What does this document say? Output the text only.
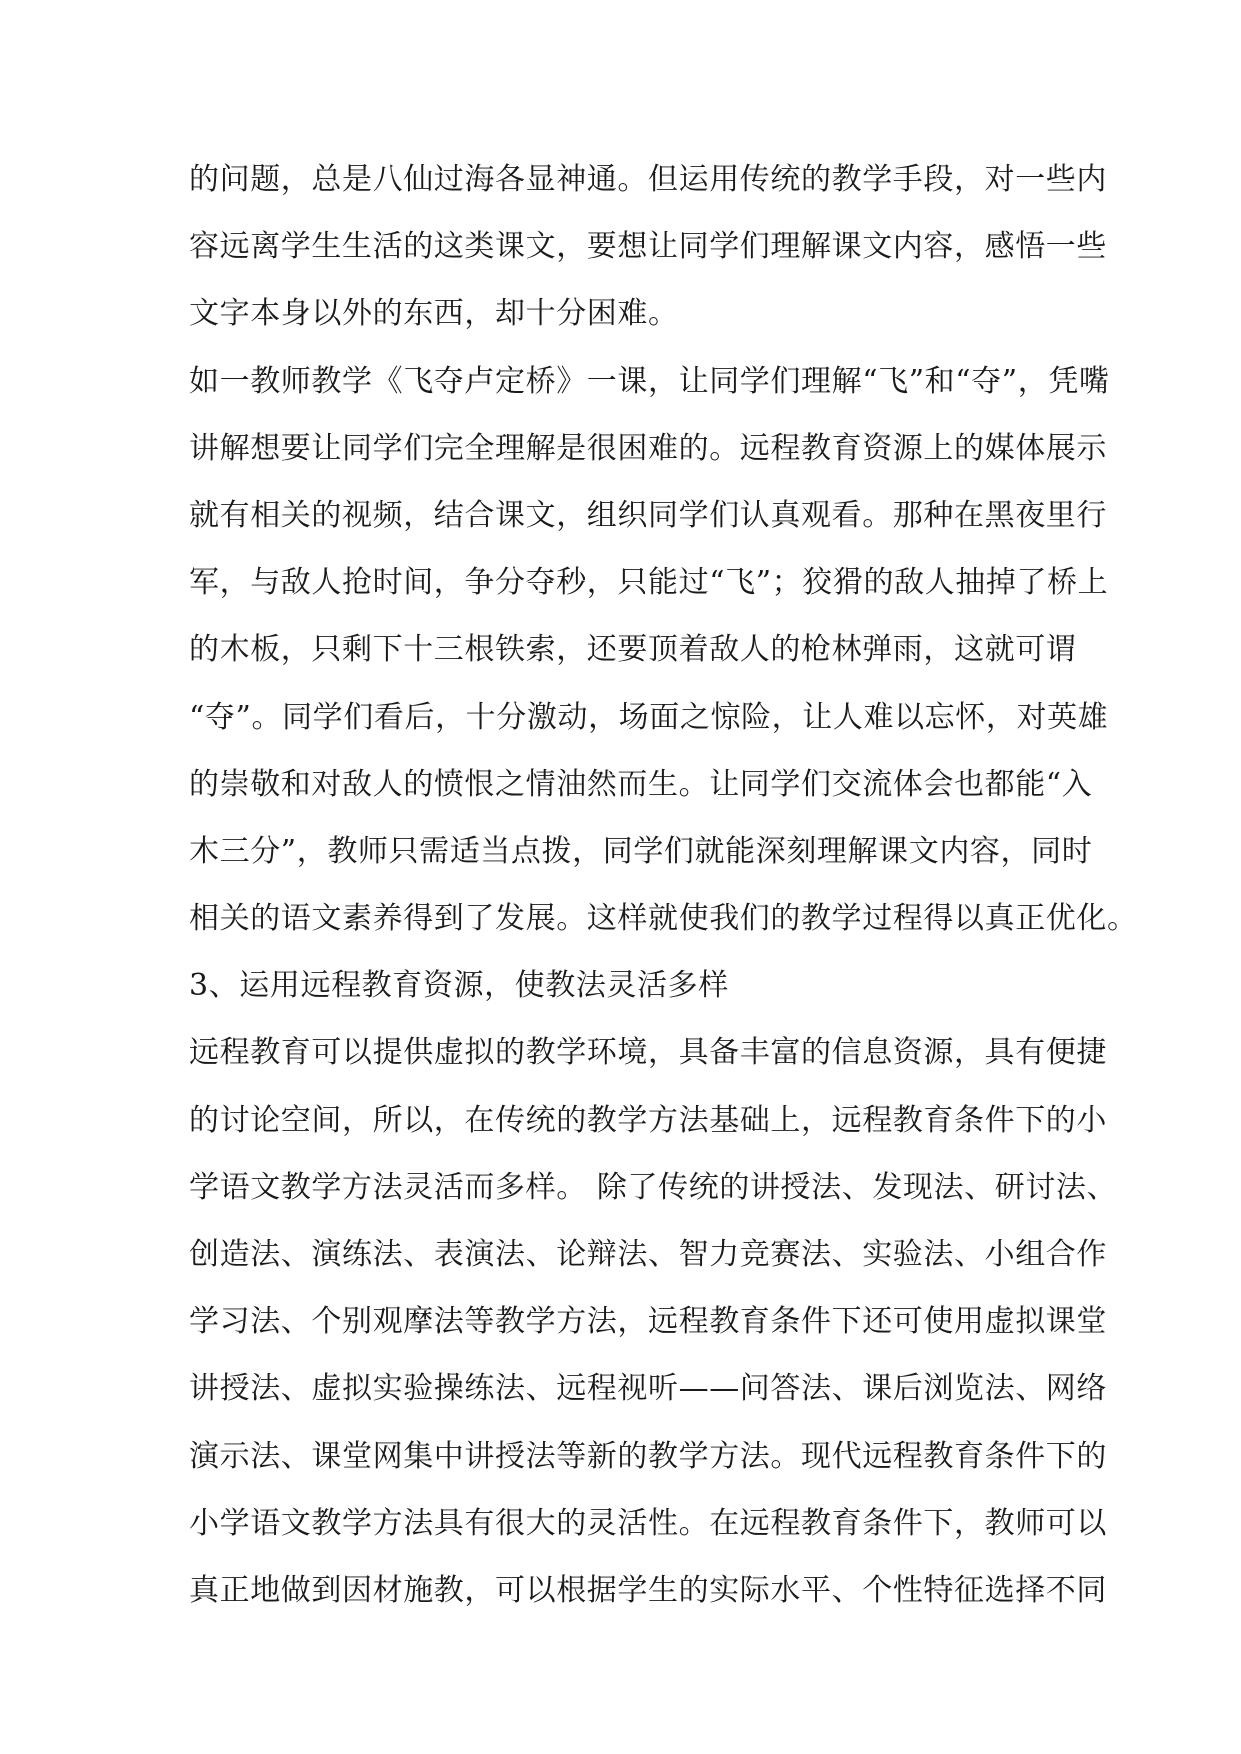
的问题，总是八仙过海各显神通。但运用传统的教学手段，对一些内
容远离学生生活的这类课文，要想让同学们理解课文内容，感悟一些
文字本身以外的东西，却十分困难。
如一教师教学《飞夺卢定桥》一课，让同学们理解“飞”和“夺”，凭嘴
讲解想要让同学们完全理解是很困难的。远程教育资源上的媒体展示
就有相关的视频，结合课文，组织同学们认真观看。那种在黑夜里行
军，与敌人抢时间，争分夺秒，只能过“飞”；狡猾的敌人抽掉了桥上
的木板，只剩下十三根铁索，还要顶着敌人的枪林弹雨，这就可谓
“夺”。同学们看后，十分激动，场面之惊险，让人难以忘怀，对英雄
的崇敬和对敌人的愤恨之情油然而生。让同学们交流体会也都能“入
木三分”，教师只需适当点拨，同学们就能深刻理解课文内容，同时
相关的语文素养得到了发展。这样就使我们的教学过程得以真正优化。
3、运用远程教育资源，使教法灵活多样
远程教育可以提供虚拟的教学环境，具备丰富的信息资源，具有便捷
的讨论空间，所以，在传统的教学方法基础上，远程教育条件下的小
学语文教学方法灵活而多样。 除了传统的讲授法、发现法、研讨法、
创造法、演练法、表演法、论辩法、智力竞赛法、实验法、小组合作
学习法、个别观摩法等教学方法，远程教育条件下还可使用虚拟课堂
讲授法、虚拟实验操练法、远程视听——问答法、课后浏览法、网络
演示法、课堂网集中讲授法等新的教学方法。现代远程教育条件下的
小学语文教学方法具有很大的灵活性。在远程教育条件下，教师可以
真正地做到因材施教，可以根据学生的实际水平、个性特征选择不同
